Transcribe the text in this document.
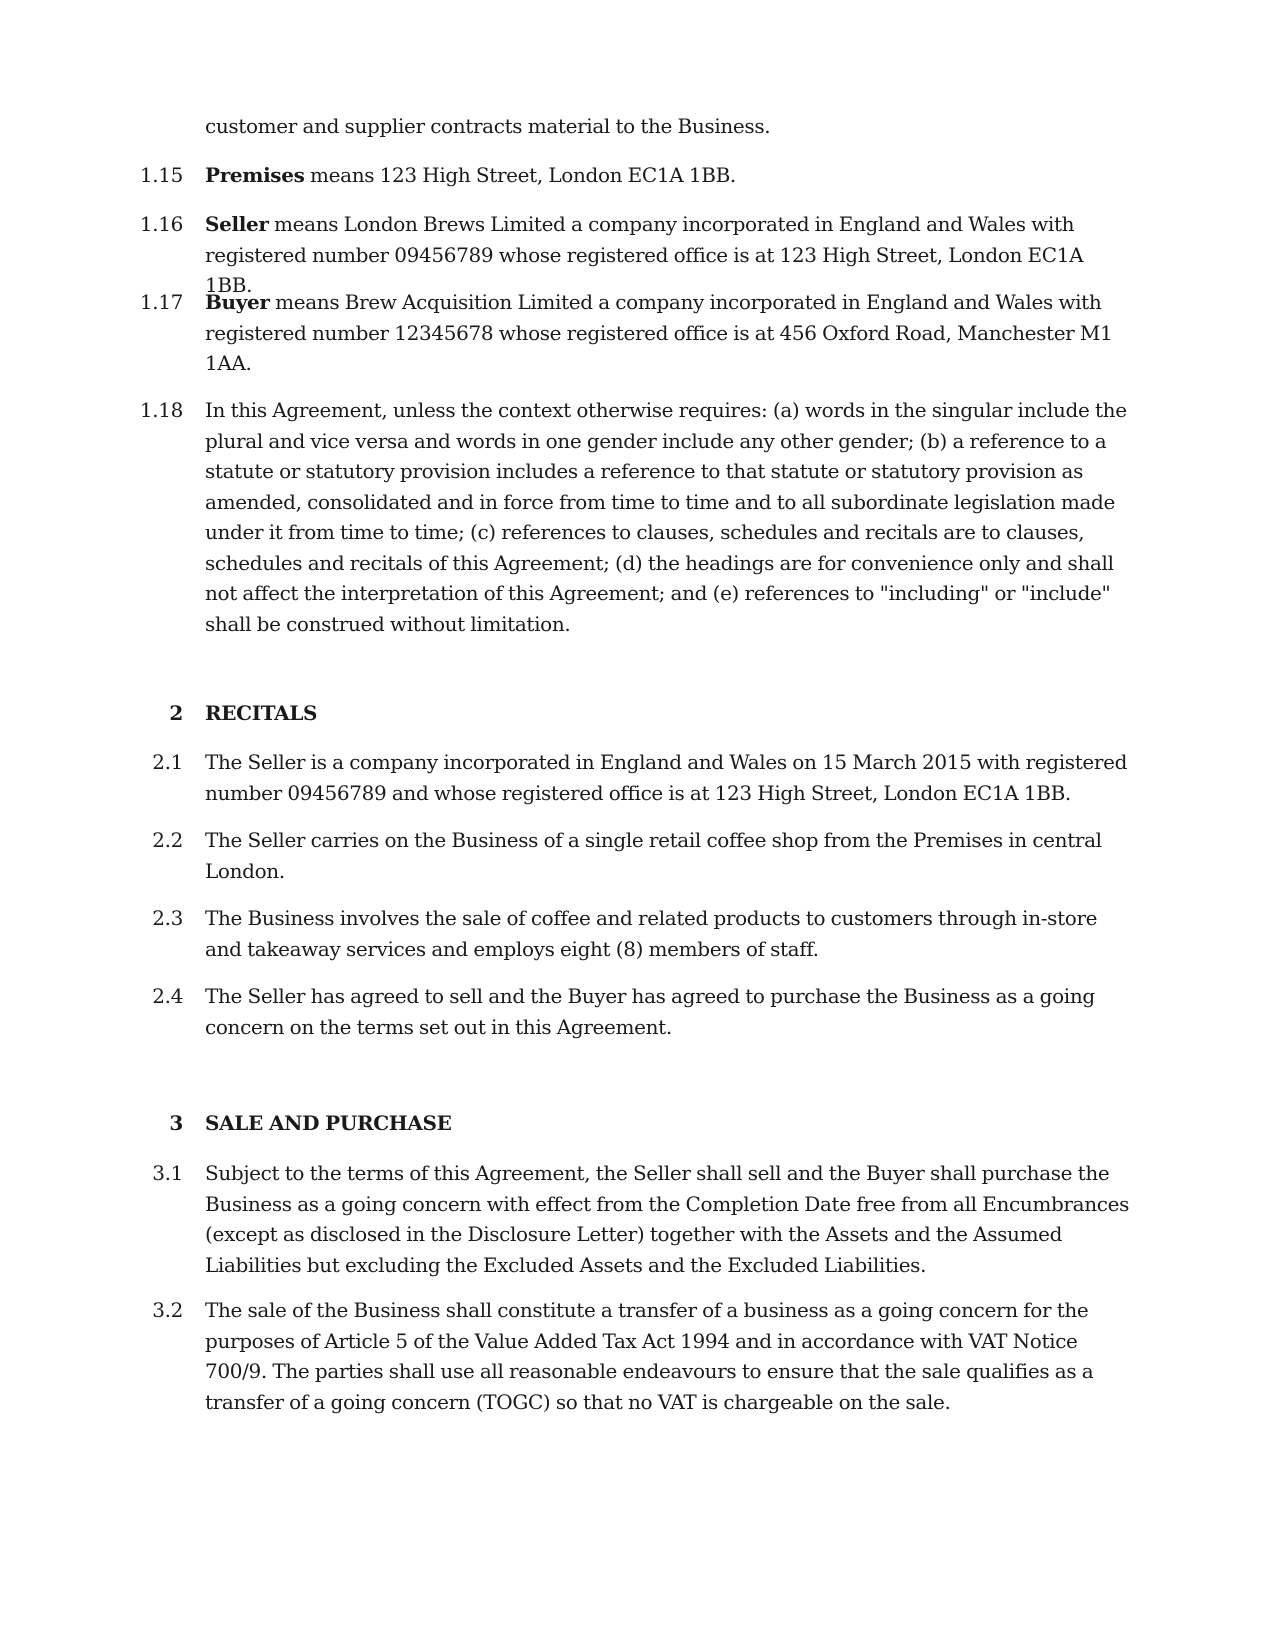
customer and supplier contracts material to the Business.
1.15	Premises means 123 High Street, London EC1A 1BB.
1.16	Seller means London Brews Limited a company incorporated in England and Wales with registered number 09456789 whose registered office is at 123 High Street, London EC1A 1BB.
1.17	Buyer means Brew Acquisition Limited a company incorporated in England and Wales with registered number 12345678 whose registered office is at 456 Oxford Road, Manchester M1 1AA.
1.18	In this Agreement, unless the context otherwise requires: (a) words in the singular include the plural and vice versa and words in one gender include any other gender; (b) a reference to a statute or statutory provision includes a reference to that statute or statutory provision as amended, consolidated and in force from time to time and to all subordinate legislation made under it from time to time; (c) references to clauses, schedules and recitals are to clauses, schedules and recitals of this Agreement; (d) the headings are for convenience only and shall not affect the interpretation of this Agreement; and (e) references to "including" or "include" shall be construed without limitation.
2	RECITALS
2.1	The Seller is a company incorporated in England and Wales on 15 March 2015 with registered number 09456789 and whose registered office is at 123 High Street, London EC1A 1BB.
2.2	The Seller carries on the Business of a single retail coffee shop from the Premises in central London.
2.3	The Business involves the sale of coffee and related products to customers through in-store and takeaway services and employs eight (8) members of staff.
2.4	The Seller has agreed to sell and the Buyer has agreed to purchase the Business as a going concern on the terms set out in this Agreement.
3	SALE AND PURCHASE
3.1	Subject to the terms of this Agreement, the Seller shall sell and the Buyer shall purchase the Business as a going concern with effect from the Completion Date free from all Encumbrances (except as disclosed in the Disclosure Letter) together with the Assets and the Assumed Liabilities but excluding the Excluded Assets and the Excluded Liabilities.
3.2	The sale of the Business shall constitute a transfer of a business as a going concern for the purposes of Article 5 of the Value Added Tax Act 1994 and in accordance with VAT Notice 700/9. The parties shall use all reasonable endeavours to ensure that the sale qualifies as a transfer of a going concern (TOGC) so that no VAT is chargeable on the sale.
